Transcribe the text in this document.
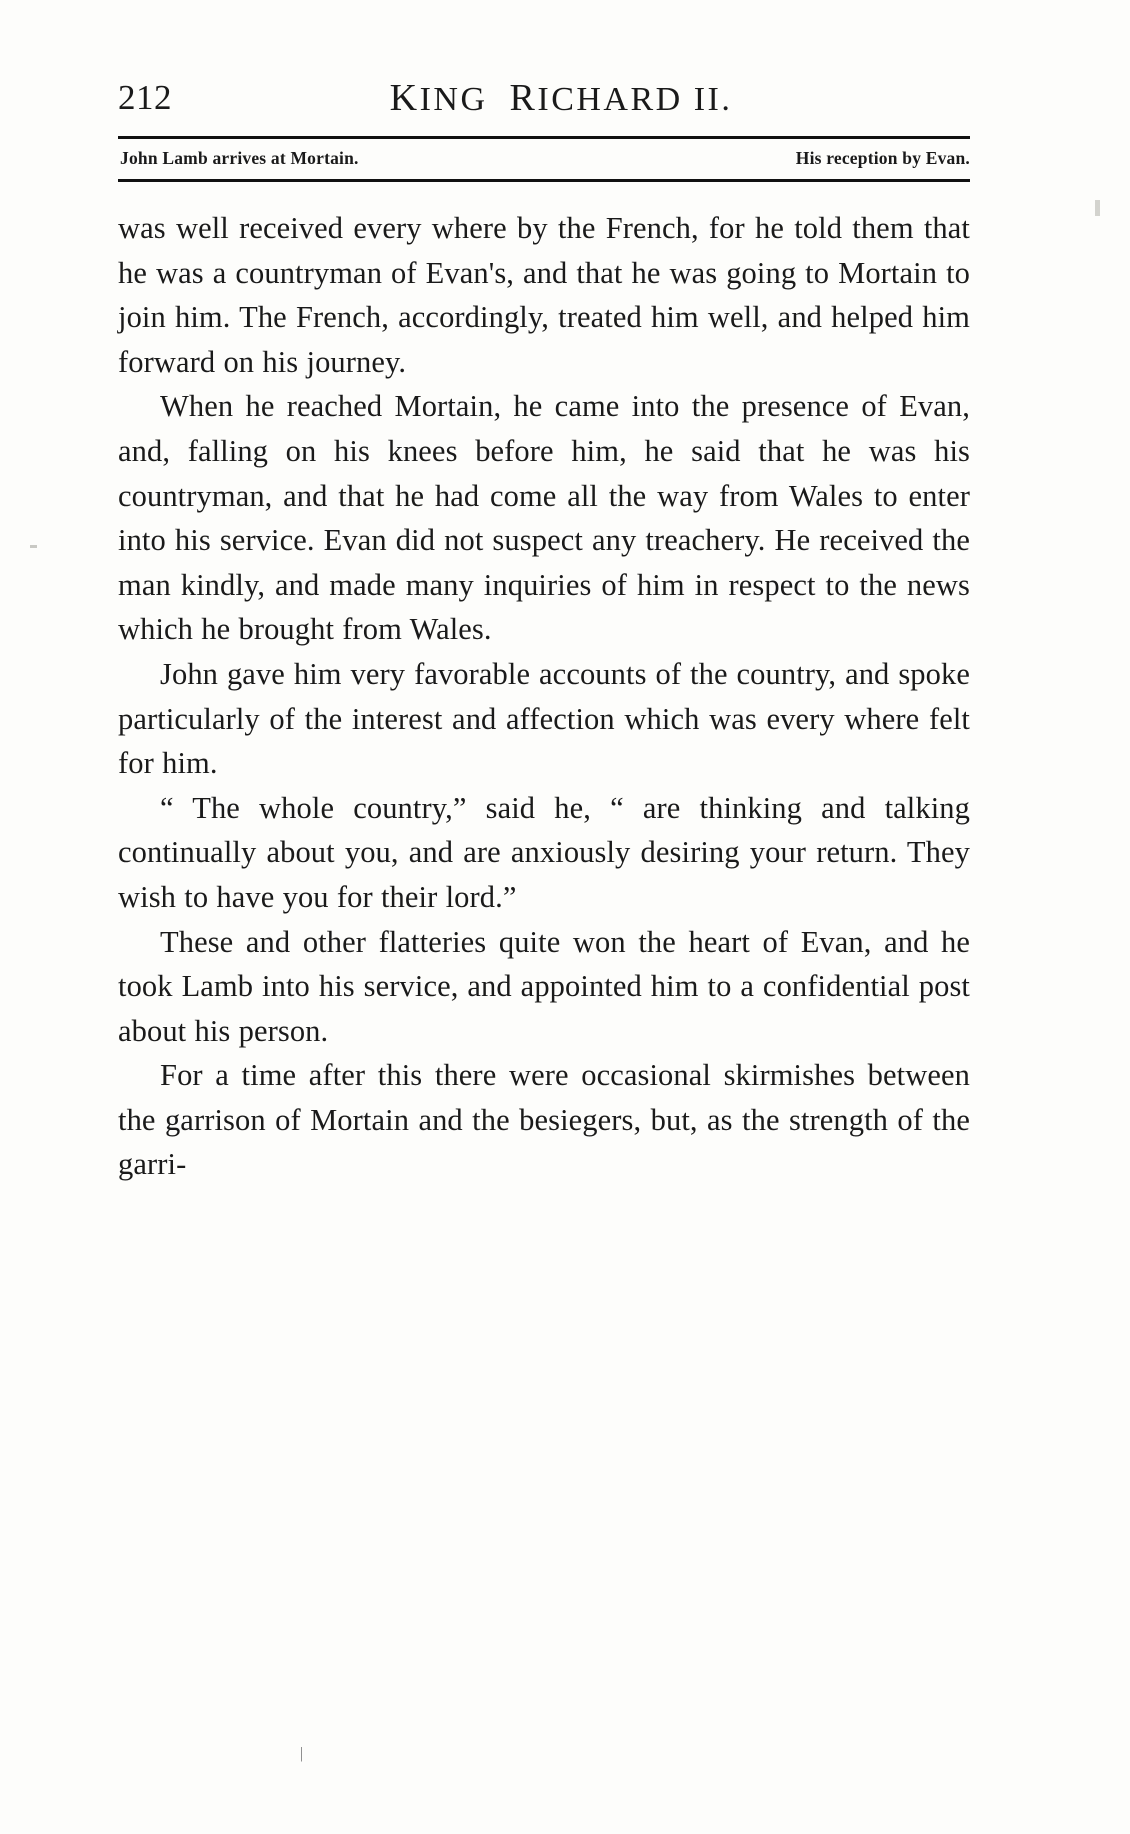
212	KING RICHARD II.
John Lamb arrives at Mortain.	His reception by Evan.

was well received every where by the French, for he told them that he was a countryman of Evan's, and that he was going to Mortain to join him. The French, accordingly, treated him well, and helped him forward on his journey.

When he reached Mortain, he came into the presence of Evan, and, falling on his knees before him, he said that he was his countryman, and that he had come all the way from Wales to enter into his service. Evan did not suspect any treachery. He received the man kindly, and made many inquiries of him in respect to the news which he brought from Wales.

John gave him very favorable accounts of the country, and spoke particularly of the interest and affection which was every where felt for him.

“ The whole country,” said he, “ are thinking and talking continually about you, and are anxiously desiring your return. They wish to have you for their lord.”

These and other flatteries quite won the heart of Evan, and he took Lamb into his service, and appointed him to a confidential post about his person.

For a time after this there were occasional skirmishes between the garrison of Mortain and the besiegers, but, as the strength of the garri-

|
